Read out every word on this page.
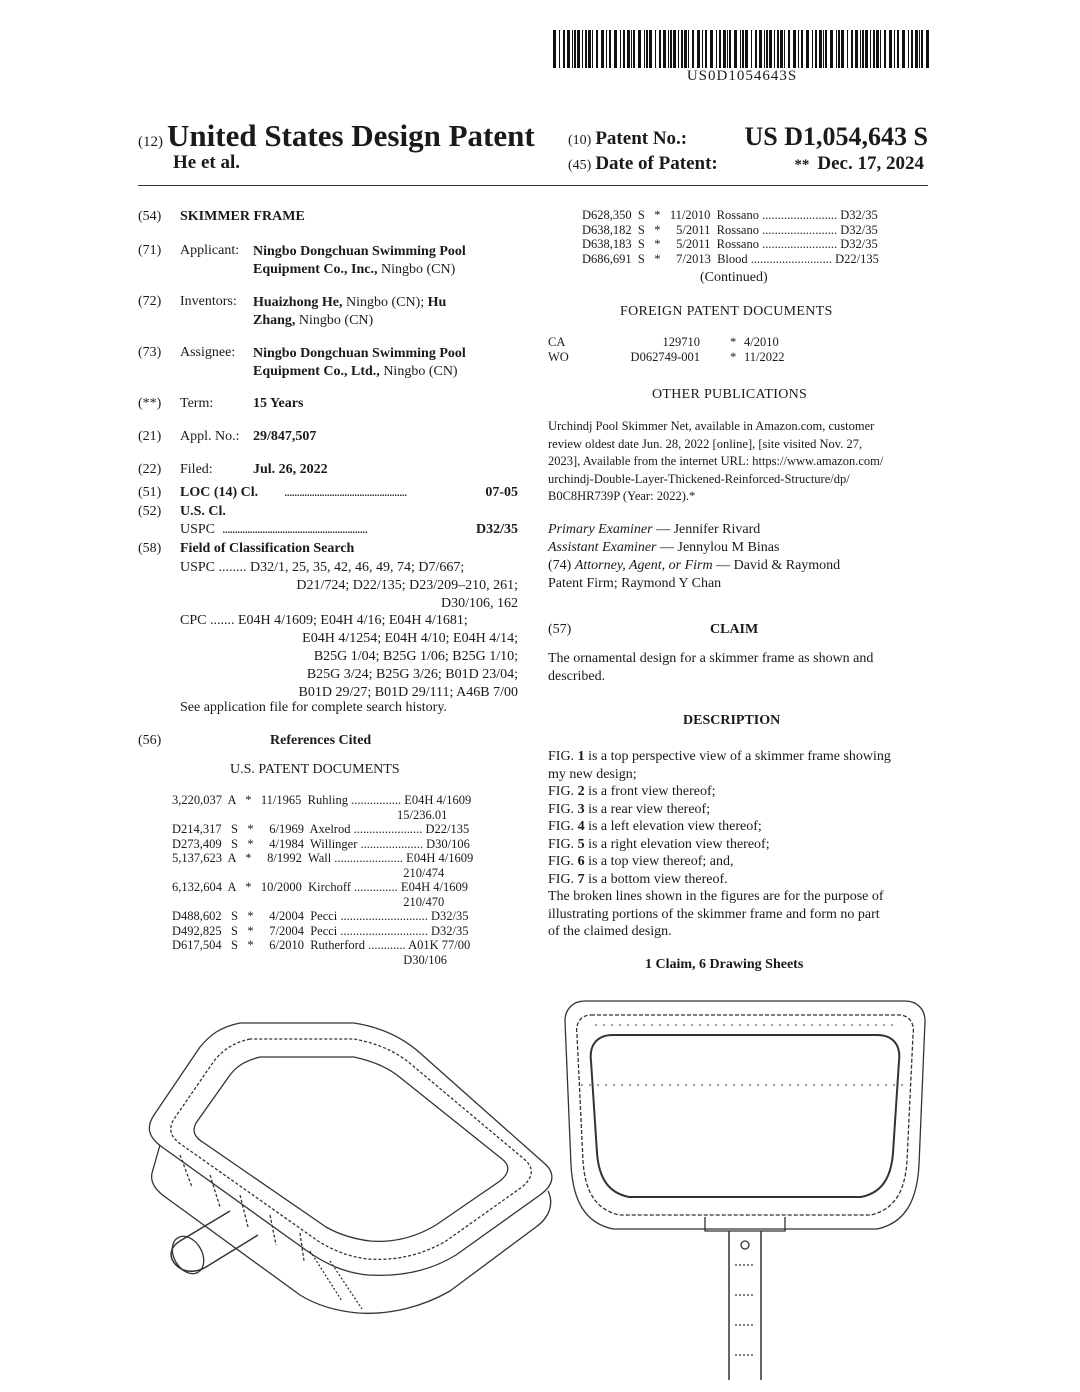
US0D1054643S
(12) United States Design Patent
He et al.
(10) Patent No.: US D1,054,643 S
(45) Date of Patent:	** Dec. 17, 2024
(54)	SKIMMER FRAME
(71)	Applicant: Ningbo Dongchuan Swimming Pool
Equipment Co., Inc., Ningbo (CN)
(72)	Inventors: Huaizhong He, Ningbo (CN); Hu
Zhang, Ningbo (CN)
(73)	Assignee: Ningbo Dongchuan Swimming Pool
Equipment Co., Ltd., Ningbo (CN)
(**)	Term:	15 Years
(21)	Appl. No.: 29/847,507
(22)	Filed:	Jul. 26, 2022
(51)	LOC (14) Cl. .................................................	07-05
(52)	U.S. Cl.
USPC ..........................................................	D32/35
(58)	Field of Classification Search
USPC ........ D32/1, 25, 35, 42, 46, 49, 74; D7/667;
D21/724; D22/135; D23/209–210, 261;
D30/106, 162
CPC ....... E04H 4/1609; E04H 4/16; E04H 4/1681;
E04H 4/1254; E04H 4/10; E04H 4/14;
B25G 1/04; B25G 1/06; B25G 1/10;
B25G 3/24; B25G 3/26; B01D 23/04;
B01D 29/27; B01D 29/111; A46B 7/00
See application file for complete search history.
(56)	References Cited
U.S. PATENT DOCUMENTS
3,220,037  A   *   11/1965  Ruhling ................ E04H 4/1609
15/236.01
D214,317   S   *     6/1969  Axelrod ...................... D22/135
D273,409   S   *     4/1984  Willinger .................... D30/106
5,137,623  A   *     8/1992  Wall ...................... E04H 4/1609
210/474
6,132,604  A   *   10/2000  Kirchoff .............. E04H 4/1609
210/470
D488,602   S   *     4/2004  Pecci ............................ D32/35
D492,825   S   *     7/2004  Pecci ............................ D32/35
D617,504   S   *     6/2010  Rutherford ............ A01K 77/00
D30/106
D628,350  S   *   11/2010  Rossano ........................ D32/35
D638,182  S   *     5/2011  Rossano ........................ D32/35
D638,183  S   *     5/2011  Rossano ........................ D32/35
D686,691  S   *     7/2013  Blood .......................... D22/135
(Continued)
FOREIGN PATENT DOCUMENTS
CA	129710 * 4/2010
WO	D062749-001 * 11/2022
OTHER PUBLICATIONS
Urchindj Pool Skimmer Net, available in Amazon.com, customer
review oldest date Jun. 28, 2022 [online], [site visited Nov. 27,
2023], Available from the internet URL: https://www.amazon.com/
urchindj-Double-Layer-Thickened-Reinforced-Structure/dp/
B0C8HR739P (Year: 2022).*
Primary Examiner — Jennifer Rivard
Assistant Examiner — Jennylou M Binas
(74) Attorney, Agent, or Firm — David & Raymond
Patent Firm; Raymond Y Chan
(57)	CLAIM
The ornamental design for a skimmer frame as shown and
described.
DESCRIPTION
FIG. 1 is a top perspective view of a skimmer frame showing
my new design;
FIG. 2 is a front view thereof;
FIG. 3 is a rear view thereof;
FIG. 4 is a left elevation view thereof;
FIG. 5 is a right elevation view thereof;
FIG. 6 is a top view thereof; and,
FIG. 7 is a bottom view thereof.
The broken lines shown in the figures are for the purpose of
illustrating portions of the skimmer frame and form no part
of the claimed design.
1 Claim, 6 Drawing Sheets
